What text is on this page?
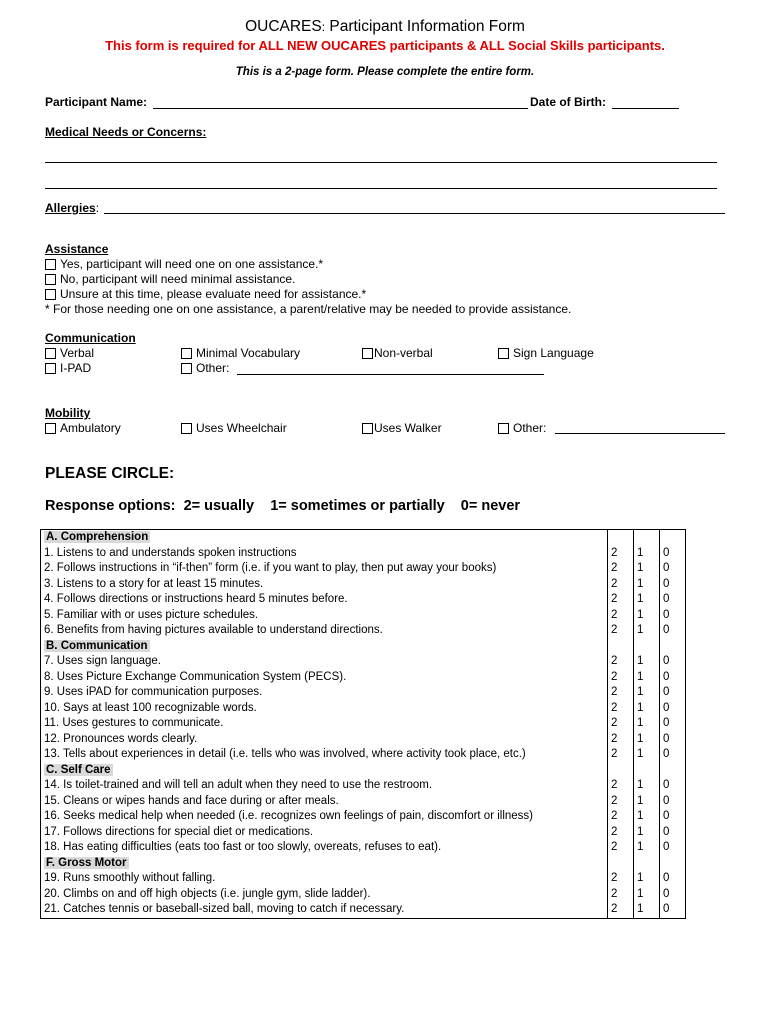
OUCARES: Participant Information Form
This form is required for ALL NEW OUCARES participants & ALL Social Skills participants.
This is a 2-page form. Please complete the entire form.
Participant Name:	Date of Birth:
Medical Needs or Concerns:
Allergies:
Assistance
Yes, participant will need one on one assistance.*
No, participant will need minimal assistance.
Unsure at this time, please evaluate need for assistance.*
* For those needing one on one assistance, a parent/relative may be needed to provide assistance.
Communication
Verbal
I-PAD
Minimal Vocabulary
Other:
Non-verbal	Sign Language
Mobility
Ambulatory	Uses Wheelchair	Uses Walker	Other:
PLEASE CIRCLE:
Response options:  2= usually    1= sometimes or partially    0= never
A. Comprehension			
1. Listens to and understands spoken instructions	2	1	0
2. Follows instructions in “if-then” form (i.e. if you want to play, then put away your books)	2	1	0
3. Listens to a story for at least 15 minutes.	2	1	0
4. Follows directions or instructions heard 5 minutes before.	2	1	0
5. Familiar with or uses picture schedules.	2	1	0
6. Benefits from having pictures available to understand directions.	2	1	0
B. Communication			
7. Uses sign language.	2	1	0
8. Uses Picture Exchange Communication System (PECS).	2	1	0
9. Uses iPAD for communication purposes.	2	1	0
10. Says at least 100 recognizable words.	2	1	0
11. Uses gestures to communicate.	2	1	0
12. Pronounces words clearly.	2	1	0
13. Tells about experiences in detail (i.e. tells who was involved, where activity took place, etc.)	2	1	0
C. Self Care			
14. Is toilet-trained and will tell an adult when they need to use the restroom.	2	1	0
15. Cleans or wipes hands and face during or after meals.	2	1	0
16. Seeks medical help when needed (i.e. recognizes own feelings of pain, discomfort or illness)	2	1	0
17. Follows directions for special diet or medications.	2	1	0
18. Has eating difficulties (eats too fast or too slowly, overeats, refuses to eat).	2	1	0
F. Gross Motor			
19. Runs smoothly without falling.	2	1	0
20. Climbs on and off high objects (i.e. jungle gym, slide ladder).	2	1	0
21. Catches tennis or baseball-sized ball, moving to catch if necessary.	2	1	0
